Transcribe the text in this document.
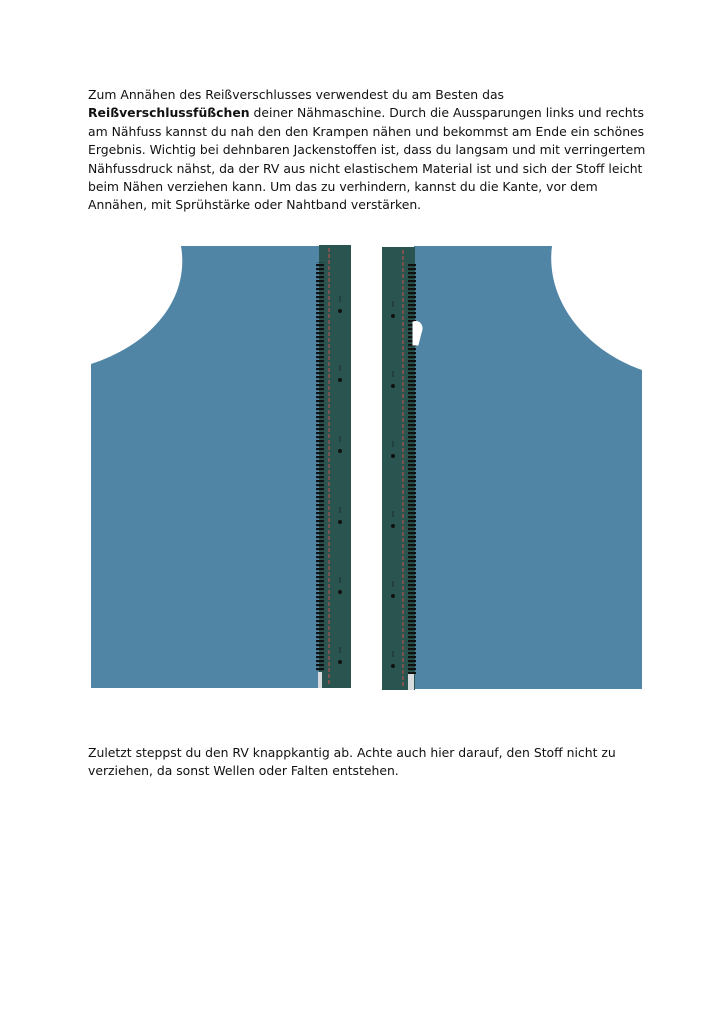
Zum Annähen des Reißverschlusses verwendest du am Besten das Reißverschlussfüßchen deiner Nähmaschine. Durch die Aussparungen links und rechts am Nähfuss kannst du nah den den Krampen nähen und bekommst am Ende ein schönes Ergebnis. Wichtig bei dehnbaren Jackenstoffen ist, dass du langsam und mit verringertem Nähfussdruck nähst, da der RV aus nicht elastischem Material ist und sich der Stoff leicht beim Nähen verziehen kann. Um das zu verhindern, kannst du die Kante, vor dem Annähen, mit Sprühstärke oder Nahtband verstärken.

Zuletzt steppst du den RV knappkantig ab. Achte auch hier darauf, den Stoff nicht zu verziehen, da sonst Wellen oder Falten entstehen.
